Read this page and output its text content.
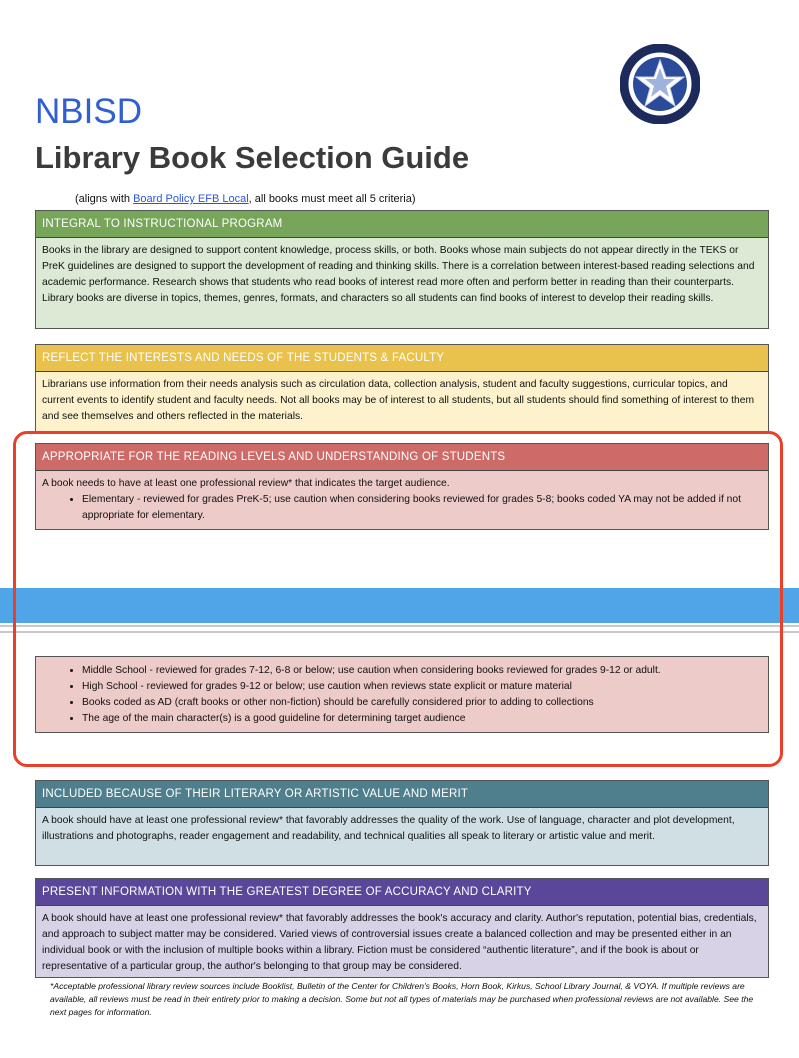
NBISD
Library Book Selection Guide
(aligns with Board Policy EFB Local, all books must meet all 5 criteria)
INTEGRAL TO INSTRUCTIONAL PROGRAM
Books in the library are designed to support content knowledge, process skills, or both. Books whose main subjects do not appear directly in the TEKS or PreK guidelines are designed to support the development of reading and thinking skills. There is a correlation between interest-based reading selections and academic performance. Research shows that students who read books of interest read more often and perform better in reading than their counterparts. Library books are diverse in topics, themes, genres, formats, and characters so all students can find books of interest to develop their reading skills.
REFLECT THE INTERESTS AND NEEDS OF THE STUDENTS & FACULTY
Librarians use information from their needs analysis such as circulation data, collection analysis, student and faculty suggestions, curricular topics, and current events to identify student and faculty needs. Not all books may be of interest to all students, but all students should find something of interest to them and see themselves and others reflected in the materials.
APPROPRIATE FOR THE READING LEVELS AND UNDERSTANDING OF STUDENTS
A book needs to have at least one professional review* that indicates the target audience.
• Elementary - reviewed for grades PreK-5; use caution when considering books reviewed for grades 5-8; books coded YA may not be added if not appropriate for elementary.
• Middle School - reviewed for grades 7-12, 6-8 or below; use caution when considering books reviewed for grades 9-12 or adult.
• High School - reviewed for grades 9-12 or below; use caution when reviews state explicit or mature material
• Books coded as AD (craft books or other non-fiction) should be carefully considered prior to adding to collections
• The age of the main character(s) is a good guideline for determining target audience
INCLUDED BECAUSE OF THEIR LITERARY OR ARTISTIC VALUE AND MERIT
A book should have at least one professional review* that favorably addresses the quality of the work. Use of language, character and plot development, illustrations and photographs, reader engagement and readability, and technical qualities all speak to literary or artistic value and merit.
PRESENT INFORMATION WITH THE GREATEST DEGREE OF ACCURACY AND CLARITY
A book should have at least one professional review* that favorably addresses the book's accuracy and clarity. Author's reputation, potential bias, credentials, and approach to subject matter may be considered. Varied views of controversial issues create a balanced collection and may be presented either in an individual book or with the inclusion of multiple books within a library. Fiction must be considered “authentic literature”, and if the book is about or representative of a particular group, the author's belonging to that group may be considered.
*Acceptable professional library review sources include Booklist, Bulletin of the Center for Children's Books, Horn Book, Kirkus, School Library Journal, & VOYA. If multiple reviews are available, all reviews must be read in their entirety prior to making a decision. Some but not all types of materials may be purchased when professional reviews are not available. See the next pages for information.
